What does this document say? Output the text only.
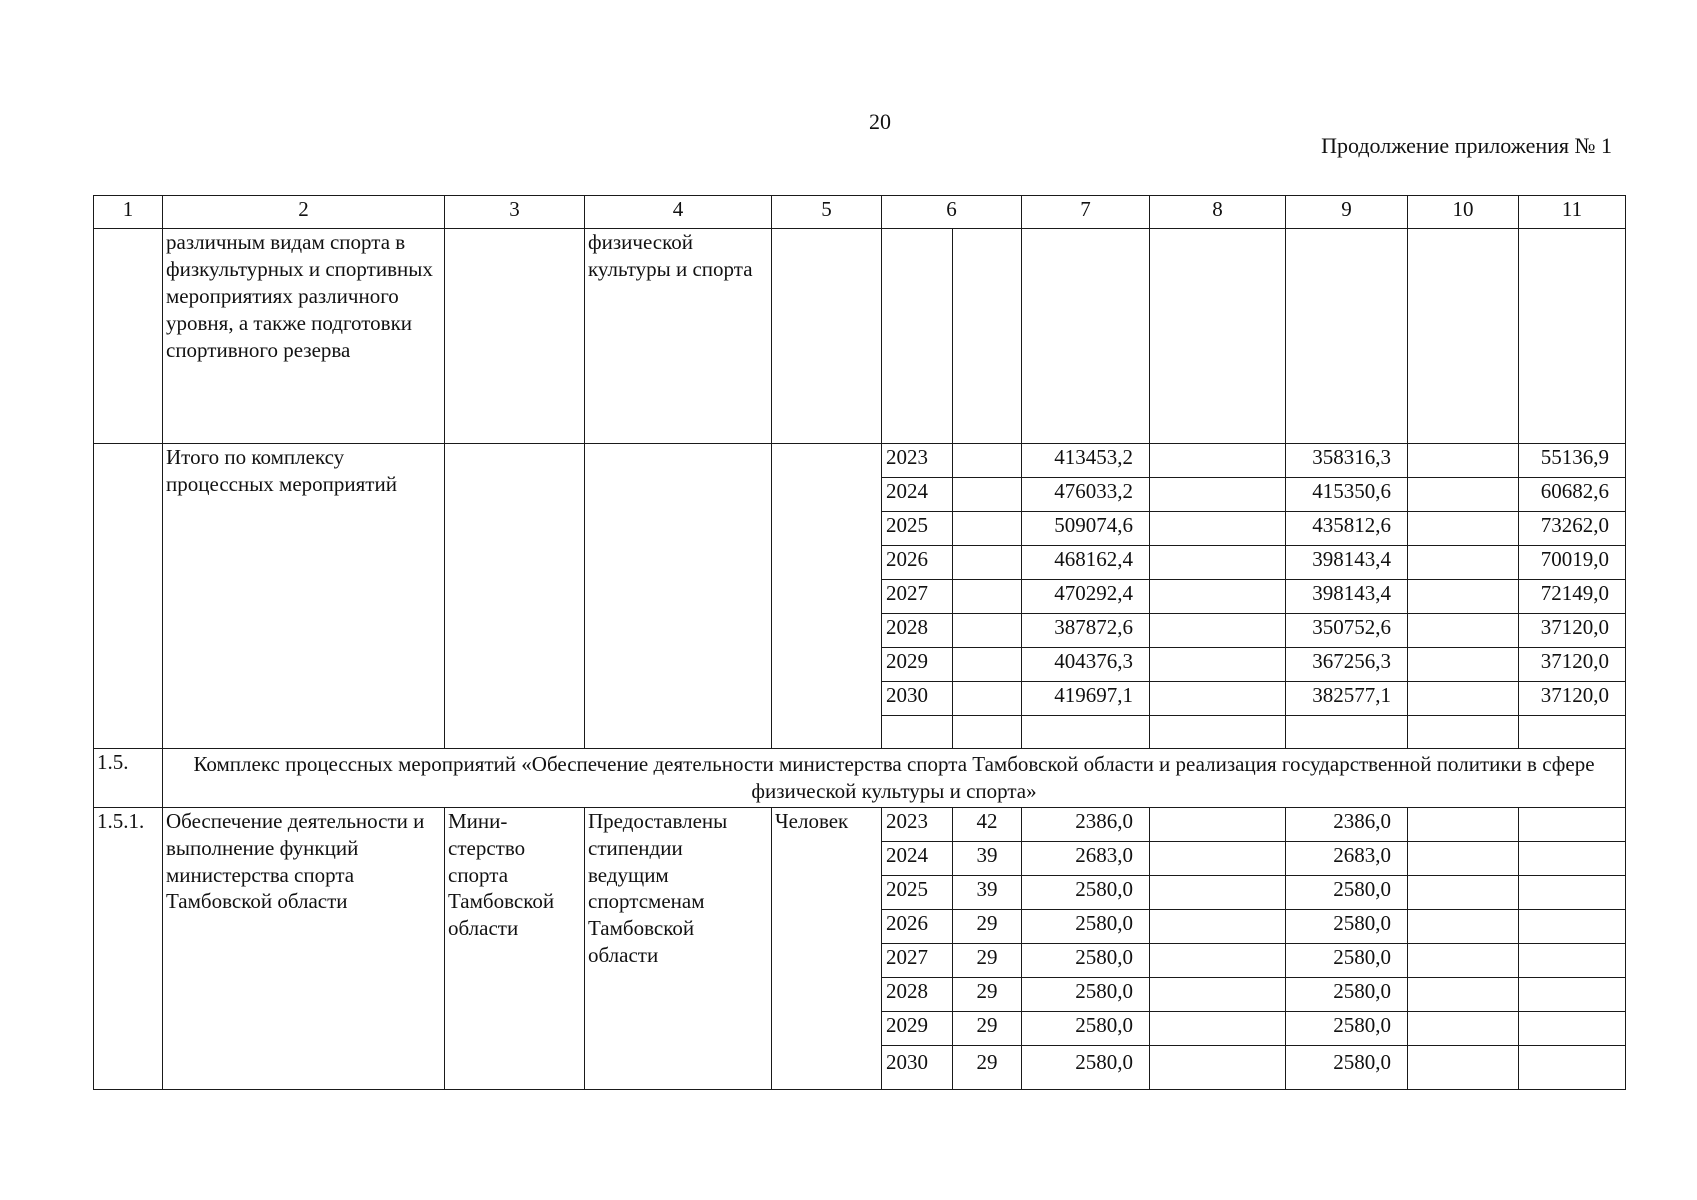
20
Продолжение приложения № 1
1	2	3	4	5	6		7	8	9	10	11
	различным видам спорта в физкультурных и спортивных мероприятиях различного уровня, а также подготовки спортивного резерва		физической культуры и спорта								
	Итого по комплексу процессных мероприятий				2023		413453,2		358316,3		55136,9
					2024		476033,2		415350,6		60682,6
					2025		509074,6		435812,6		73262,0
					2026		468162,4		398143,4		70019,0
					2027		470292,4		398143,4		72149,0
					2028		387872,6		350752,6		37120,0
					2029		404376,3		367256,3		37120,0
					2030		419697,1		382577,1		37120,0

1.5.	Комплекс процессных мероприятий «Обеспечение деятельности министерства спорта Тамбовской области и реализация государственной политики в сфере физической культуры и спорта»										
1.5.1.	Обеспечение деятельности и выполнение функций министерства спорта Тамбовской области	Мини-стерство спорта Тамбовской области	Предоставлены стипендии ведущим спортсменам Тамбовской области	Человек	2023	42	2386,0		2386,0		
					2024	39	2683,0		2683,0		
					2025	39	2580,0		2580,0		
					2026	29	2580,0		2580,0		
					2027	29	2580,0		2580,0		
					2028	29	2580,0		2580,0		
					2029	29	2580,0		2580,0		
					2030	29	2580,0		2580,0		
